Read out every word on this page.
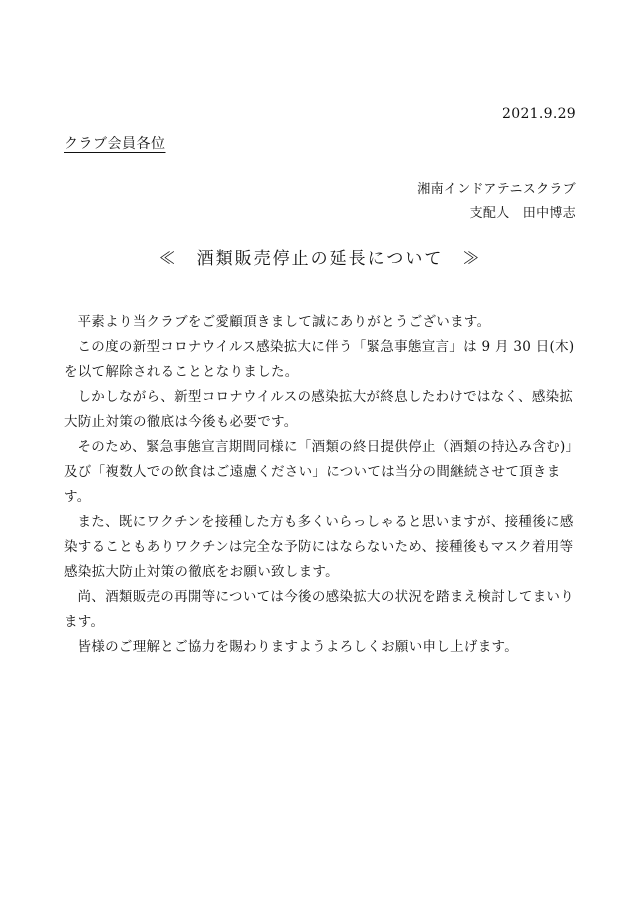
2021.9.29
クラブ会員各位
湘南インドアテニスクラブ
支配人　田中博志
≪　酒類販売停止の延長について　≫

平素より当クラブをご愛顧頂きまして誠にありがとうございます。

この度の新型コロナウイルス感染拡大に伴う「緊急事態宣言」は 9 月 30 日(木)を以て解除されることとなりました。

しかしながら、新型コロナウイルスの感染拡大が終息したわけではなく、感染拡大防止対策の徹底は今後も必要です。

そのため、緊急事態宣言期間同様に「酒類の終日提供停止（酒類の持込み含む)」及び「複数人での飲食はご遠慮ください」については当分の間継続させて頂きます。

また、既にワクチンを接種した方も多くいらっしゃると思いますが、接種後に感染することもありワクチンは完全な予防にはならないため、接種後もマスク着用等感染拡大防止対策の徹底をお願い致します。

尚、酒類販売の再開等については今後の感染拡大の状況を踏まえ検討してまいります。

皆様のご理解とご協力を賜わりますようよろしくお願い申し上げます。
